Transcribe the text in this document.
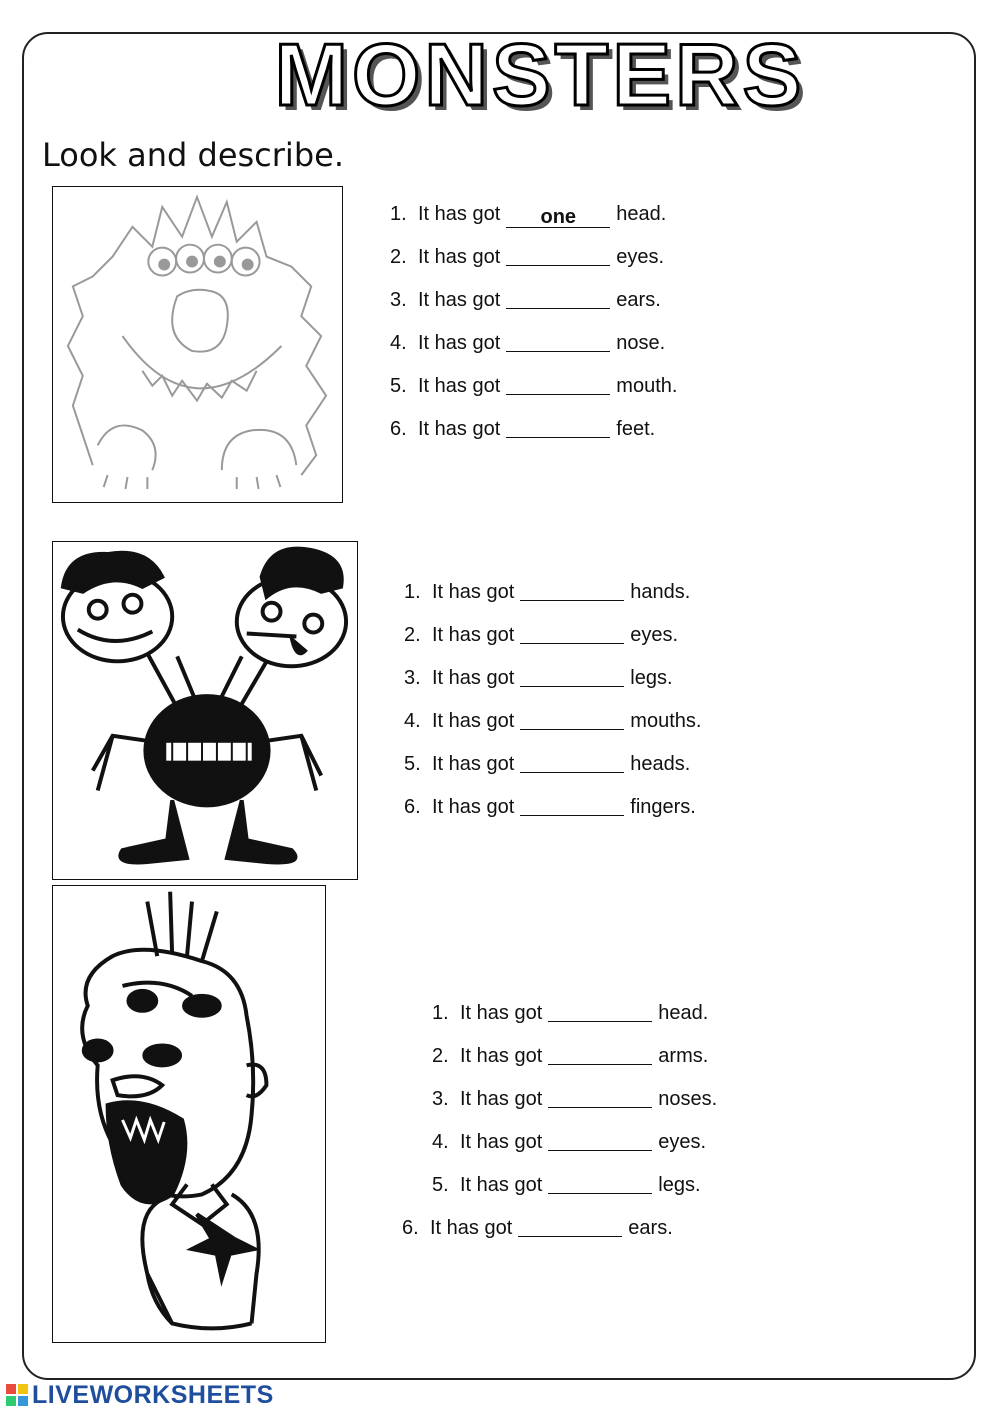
MONSTERS
Look and describe.
1. It has got one head.
2. It has got	eyes.
3. It has got	ears.
4. It has got	nose.
5. It has got	mouth.
6. It has got	feet.
1. It has got	hands.
2. It has got	eyes.
3. It has got	legs.
4. It has got	mouths.
5. It has got	heads.
6. It has got	fingers.
1. It has got	head.
2. It has got	arms.
3. It has got	noses.
4. It has got	eyes.
5. It has got	legs.
6. It has got	ears.
LIVEWORKSHEETS
